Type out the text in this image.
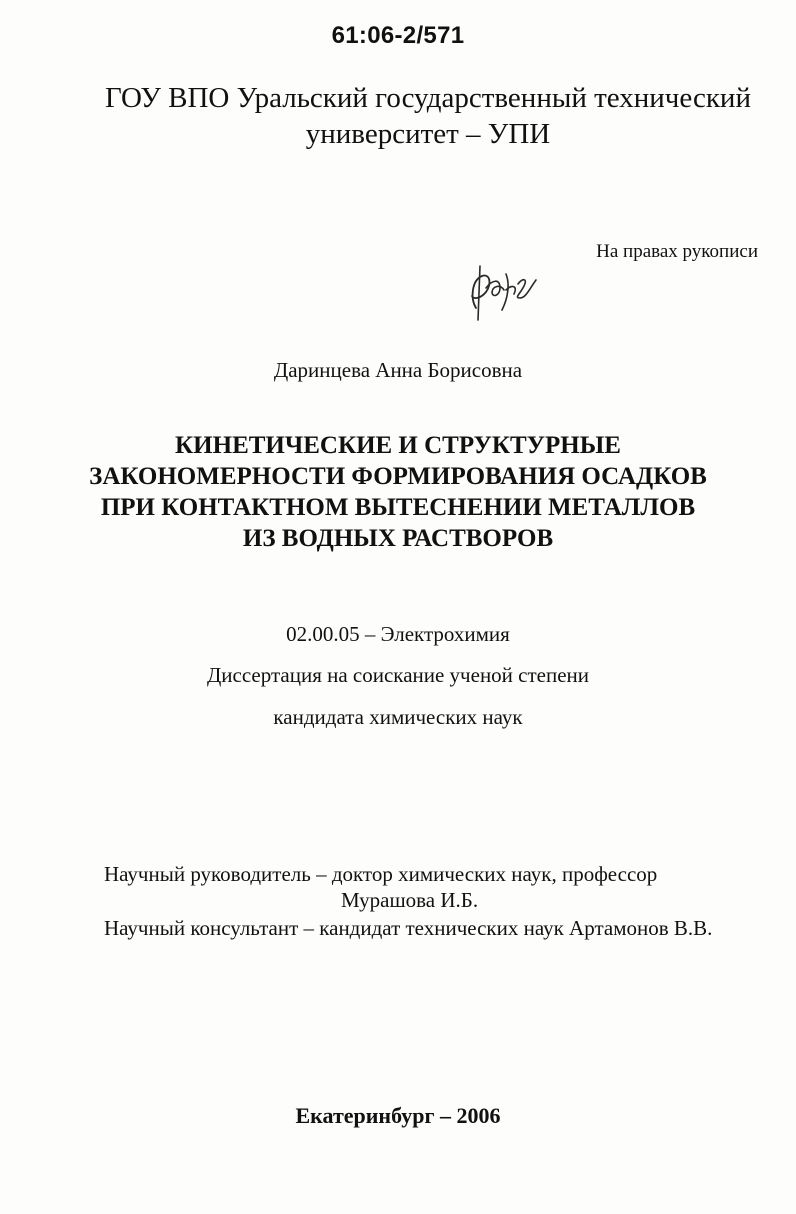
61:06-2/571

ГОУ ВПО Уральский государственный технический
университет – УПИ

На правах рукописи

Даринцева Анна Борисовна

КИНЕТИЧЕСКИЕ И СТРУКТУРНЫЕ
ЗАКОНОМЕРНОСТИ ФОРМИРОВАНИЯ ОСАДКОВ
ПРИ КОНТАКТНОМ ВЫТЕСНЕНИИ МЕТАЛЛОВ
ИЗ ВОДНЫХ РАСТВОРОВ

02.00.05 – Электрохимия

Диссертация на соискание ученой степени

кандидата химических наук

Научный руководитель – доктор химических наук, профессор

Мурашова И.Б.

Научный консультант – кандидат технических наук Артамонов В.В.

Екатеринбург – 2006
